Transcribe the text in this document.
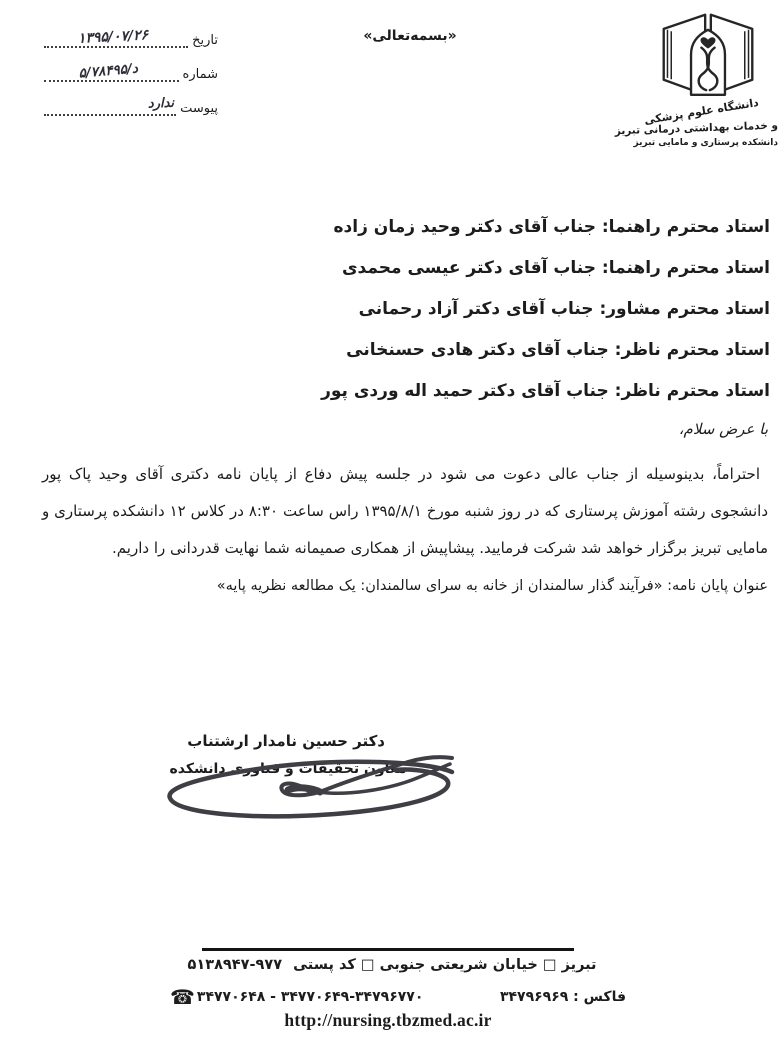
تاریخ
۱۳۹۵/۰۷/۲۶
شماره
۵/د/۷۸۴۹۵
پیوست
ندارد
«بسمه‌تعالی»
دانشگاه علوم پزشکی
و خدمات بهداشتی درمانی تبریز
دانشکده پرستاری و مامایی تبریز
استاد محترم راهنما: جناب آقای دکتر وحید زمان زاده
استاد محترم راهنما: جناب آقای دکتر عیسی محمدی
استاد محترم مشاور: جناب آقای دکتر آزاد رحمانی
استاد محترم ناظر: جناب آقای دکتر هادی حسنخانی
استاد محترم ناظر: جناب آقای دکتر حمید اله وردی پور
با عرض سلام،
احتراماً، بدینوسیله از جناب عالی دعوت می شود در جلسه پیش دفاع از پایان نامه دکتری آقای وحید پاک پور دانشجوی رشته آموزش پرستاری که در روز شنبه مورخ ۱۳۹۵/۸/۱ راس ساعت ۸:۳۰ در کلاس ۱۲ دانشکده پرستاری و مامایی تبریز برگزار خواهد شد شرکت فرمایید. پیشاپیش از همکاری صمیمانه شما نهایت قدردانی را داریم.
عنوان پایان نامه: «فرآیند گذار سالمندان از خانه به سرای سالمندان: یک مطالعه نظریه پایه»
دکتر حسین نامدار ارشتناب
معاون تحقیقات و فناوری دانشکده
تبریز □ خیابان شریعتی جنوبی □ کد پستی ۵۱۳۸۹۴۷-۹۷۷
☎ ۳۴۷۷۰۶۴۸ - ۳۴۷۷۰۶۴۹-۳۴۷۹۶۷۷۰	فاکس : ۳۴۷۹۶۹۶۹
http://nursing.tbzmed.ac.ir
